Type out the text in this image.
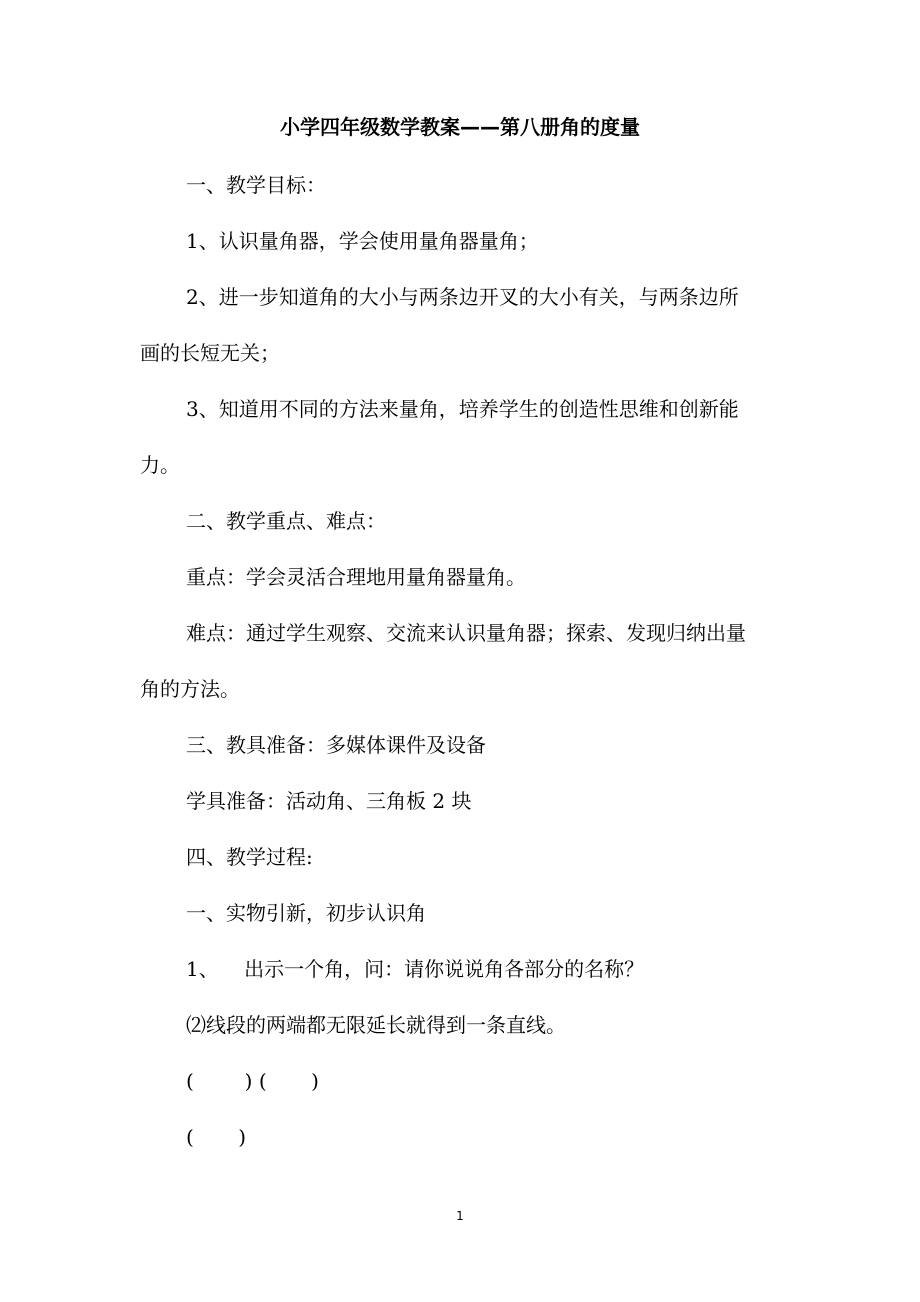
小学四年级数学教案——第八册角的度量
一、教学目标：
1、认识量角器，学会使用量角器量角；
2、进一步知道角的大小与两条边开叉的大小有关，与两条边所
画的长短无关；
3、知道用不同的方法来量角，培养学生的创造性思维和创新能
力。
二、教学重点、难点：
重点：学会灵活合理地用量角器量角。
难点：通过学生观察、交流来认识量角器；探索、发现归纳出量
角的方法。
三、教具准备：多媒体课件及设备
学具准备：活动角、三角板 2 块
四、教学过程:
一、实物引新，初步认识角
1、    出示一个角，问：请你说说角各部分的名称？
⑵线段的两端都无限延长就得到一条直线。
(        ) (       )
(       )
1
